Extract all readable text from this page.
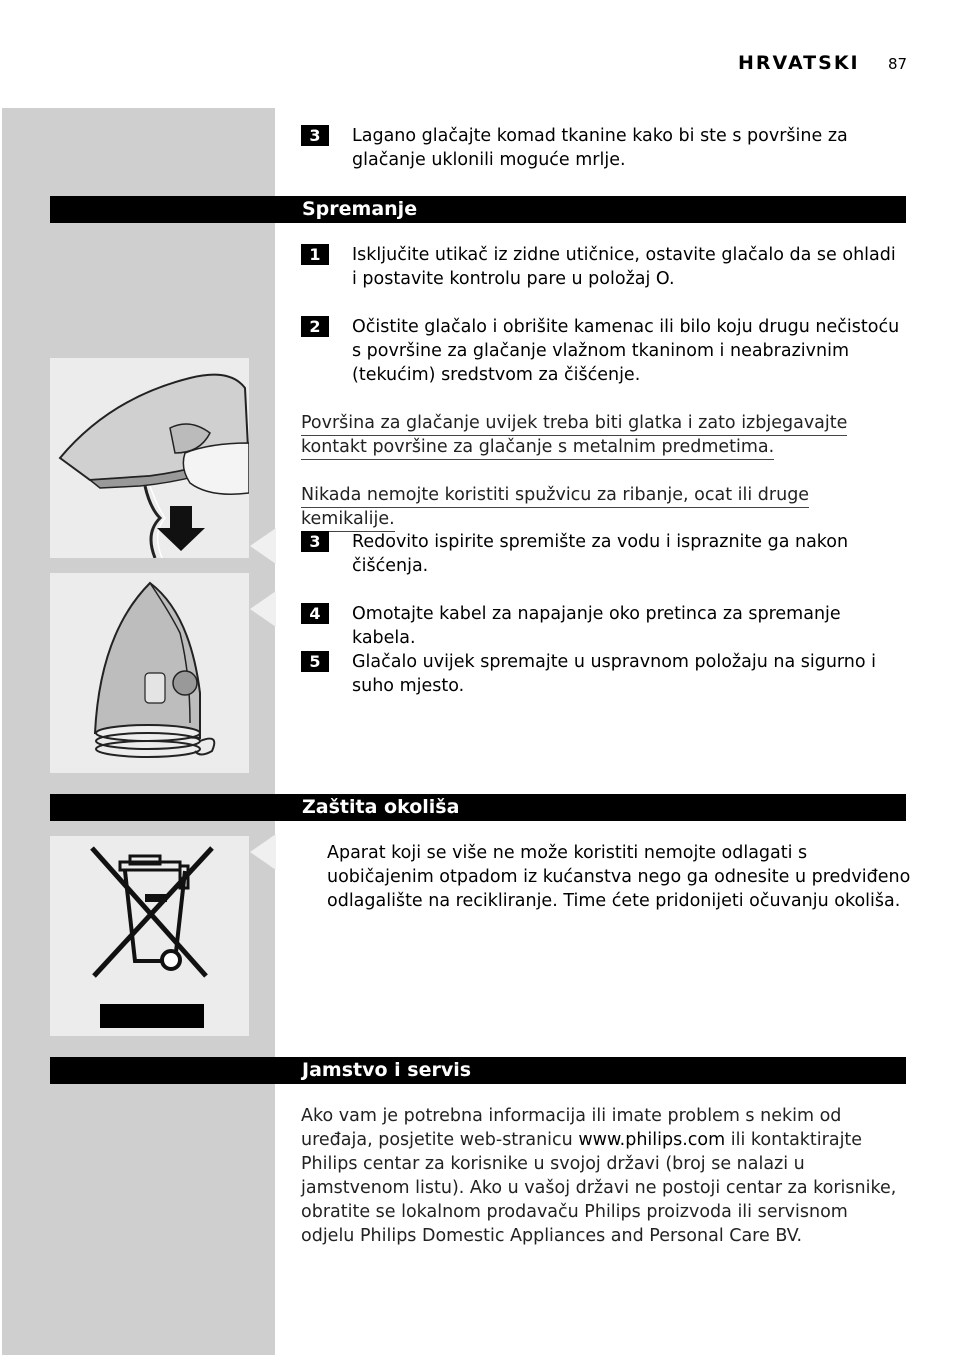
HRVATSKI 87
3	Lagano glačajte komad tkanine kako bi ste s površine za glačanje uklonili moguće mrlje.
Spremanje
1	Isključite utikač iz zidne utičnice, ostavite glačalo da se ohladi i postavite kontrolu pare u položaj O.
2	Očistite glačalo i obrišite kamenac ili bilo koju drugu nečistoću s površine za glačanje vlažnom tkaninom i neabrazivnim (tekućim) sredstvom za čišćenje.
Površina za glačanje uvijek treba biti glatka i zato izbjegavajte kontakt površine za glačanje s metalnim predmetima.
Nikada nemojte koristiti spužvicu za ribanje, ocat ili druge kemikalije.
3	Redovito ispirite spremište za vodu i ispraznite ga nakon čišćenja.
4	Omotajte kabel za napajanje oko pretinca za spremanje kabela.
5	Glačalo uvijek spremajte u uspravnom položaju na sigurno i suho mjesto.
Zaštita okoliša
Aparat koji se više ne može koristiti nemojte odlagati s uobičajenim otpadom iz kućanstva nego ga odnesite u predviđeno odlagalište na recikliranje. Time ćete pridonijeti očuvanju okoliša.
Jamstvo i servis
Ako vam je potrebna informacija ili imate problem s nekim od uređaja, posjetite web-stranicu www.philips.com ili kontaktirajte Philips centar za korisnike u svojoj državi (broj se nalazi u jamstvenom listu). Ako u vašoj državi ne postoji centar za korisnike, obratite se lokalnom prodavaču Philips proizvoda ili servisnom odjelu Philips Domestic Appliances and Personal Care BV.
